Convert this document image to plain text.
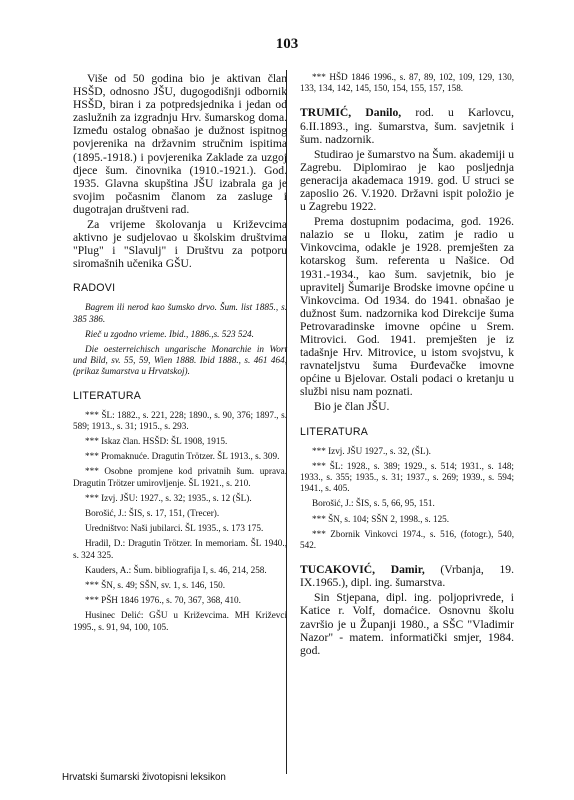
103

Više od 50 godina bio je aktivan član HSŠD, odnosno JŠU, dugogodišnji odbornik HSŠD, biran i za potpredsjednika i jedan od zaslužnih za izgradnju Hrv. šumarskog doma. Između ostalog obnašao je dužnost ispitnog povjerenika na državnim stručnim ispitima (1895.-1918.) i povjerenika Zaklade za uzgoj djece šum. činovnika (1910.-1921.). God. 1935. Glavna skupština JŠU izabrala ga je svojim počasnim članom za zasluge i dugotrajan društveni rad.

Za vrijeme školovanja u Križevcima aktivno je sudjelovao u školskim društvima "Plug" i "Slavulj" i Društvu za potporu siromašnih učenika GŠU.

RADOVI

Bagrem ili nerod kao šumsko drvo. Šum. list 1885., s. 385 386.

Rieč u zgodno vrieme. Ibid., 1886.,s. 523 524.

Die oesterreichisch ungarische Monarchie in Wort und Bild, sv. 55, 59, Wien 1888. Ibid 1888., s. 461 464, (prikaz šumarstva u Hrvatskoj).

LITERATURA

*** ŠL: 1882., s. 221, 228; 1890., s. 90, 376; 1897., s. 589; 1913., s. 31; 1915., s. 293.

*** Iskaz član. HSŠD: ŠL 1908, 1915.

*** Promaknuće. Dragutin Trötzer. ŠL 1913., s. 309.

*** Osobne promjene kod privatnih šum. uprava. Dragutin Trötzer umirovljenje. ŠL 1921., s. 210.

*** Izvj. JŠU: 1927., s. 32; 1935., s. 12 (ŠL).

Borošić, J.: ŠIS, s. 17, 151, (Trecer).

Uredništvo: Naši jubilarci. ŠL 1935., s. 173 175.

Hradil, D.: Dragutin Trötzer. In memoriam. ŠL 1940., s. 324 325.

Kauders, A.: Šum. bibliografija I, s. 46, 214, 258.

*** ŠN, s. 49; SŠN, sv. 1, s. 146, 150.

*** PŠH 1846 1976., s. 70, 367, 368, 410.

Husinec Delić: GŠU u Križevcima. MH Križevci 1995., s. 91, 94, 100, 105.

*** HŠD 1846 1996., s. 87, 89, 102, 109, 129, 130, 133, 134, 142, 145, 150, 154, 155, 157, 158.

TRUMIĆ, Danilo, rod. u Karlovcu, 6.II.1893., ing. šumarstva, šum. savjetnik i šum. nadzornik.

Studirao je šumarstvo na Šum. akademiji u Zagrebu. Diplomirao je kao posljednja generacija akademaca 1919. god. U struci se zaposlio 26. V.1920. Državni ispit položio je u Zagrebu 1922.

Prema dostupnim podacima, god. 1926. nalazio se u Iloku, zatim je radio u Vinkovcima, odakle je 1928. premješten za kotarskog šum. referenta u Našice. Od 1931.-1934., kao šum. savjetnik, bio je upravitelj Šumarije Brodske imovne općine u Vinkovcima. Od 1934. do 1941. obnašao je dužnost šum. nadzornika kod Direkcije šuma Petrovaradinske imovne općine u Srem. Mitrovici. God. 1941. premješten je iz tadašnje Hrv. Mitrovice, u istom svojstvu, k ravnateljstvu šuma Đurđevačke imovne općine u Bjelovar. Ostali podaci o kretanju u službi nisu nam poznati.

Bio je član JŠU.

LITERATURA

*** Izvj. JŠU 1927., s. 32, (ŠL).

*** ŠL: 1928., s. 389; 1929., s. 514; 1931., s. 148; 1933., s. 355; 1935., s. 31; 1937., s. 269; 1939., s. 594; 1941., s. 405.

Borošić, J.: ŠIS, s. 5, 66, 95, 151.

*** ŠN, s. 104; SŠN 2, 1998., s. 125.

*** Zbornik Vinkovci 1974., s. 516, (fotogr.), 540, 542.

TUCAKOVIĆ, Damir, (Vrbanja, 19. IX.1965.), dipl. ing. šumarstva.

Sin Stjepana, dipl. ing. poljoprivrede, i Katice r. Volf, domaćice. Osnovnu školu završio je u Županji 1980., a SŠC "Vladimir Nazor" - matem. informatički smjer, 1984. god.

Hrvatski šumarski životopisni leksikon
